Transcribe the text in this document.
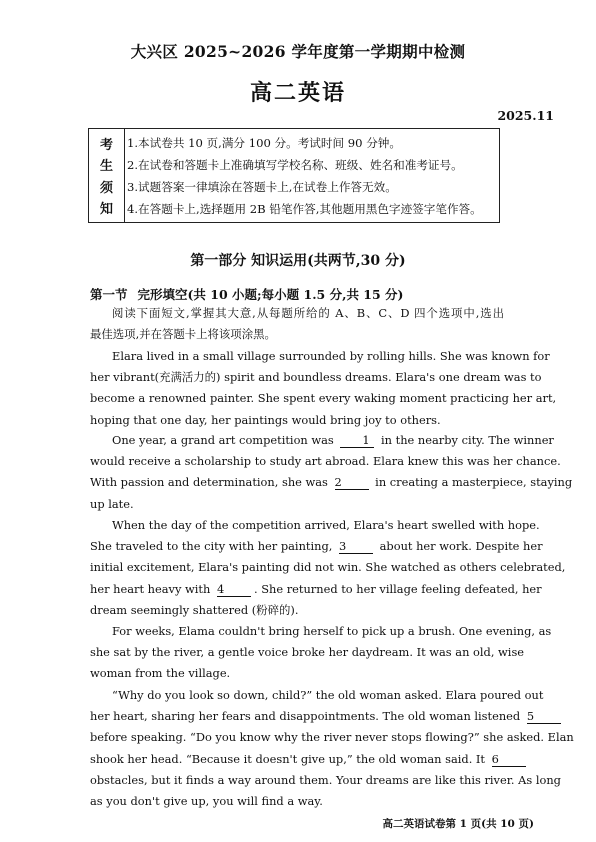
大兴区 2025~2026 学年度第一学期期中检测
高二英语
2025.11
考
生
须
知
1.本试卷共 10 页,满分 100 分。考试时间 90 分钟。
2.在试卷和答题卡上准确填写学校名称、班级、姓名和准考证号。
3.试题答案一律填涂在答题卡上,在试卷上作答无效。
4.在答题卡上,选择题用 2B 铅笔作答,其他题用黑色字迹签字笔作答。
第一部分 知识运用(共两节,30 分)
第一节 完形填空(共 10 小题;每小题 1.5 分,共 15 分)
阅读下面短文,掌握其大意,从每题所给的 A、B、C、D 四个选项中,选出
最佳选项,并在答题卡上将该项涂黑。
Elara lived in a small village surrounded by rolling hills. She was known for
her vibrant(充满活力的) spirit and boundless dreams. Elara's one dream was to
become a renowned painter. She spent every waking moment practicing her art,
hoping that one day, her paintings would bring joy to others.
One year, a grand art competition was	1 in the nearby city. The winner
would receive a scholarship to study art abroad. Elara knew this was her chance.
With passion and determination, she was 2	in creating a masterpiece, staying
up late.
When the day of the competition arrived, Elara's heart swelled with hope.
She traveled to the city with her painting, 3	about her work. Despite her
initial excitement, Elara's painting did not win. She watched as others celebrated,
her heart heavy with 4	. She returned to her village feeling defeated, her
dream seemingly shattered (粉碎的).
For weeks, Elama couldn't bring herself to pick up a brush. One evening, as
she sat by the river, a gentle voice broke her daydream. It was an old, wise
woman from the village.
“Why do you look so down, child?” the old woman asked. Elara poured out
her heart, sharing her fears and disappointments. The old woman listened 5
before speaking. “Do you know why the river never stops flowing?” she asked. Elan
shook her head. “Because it doesn't give up,” the old woman said. It 6
obstacles, but it finds a way around them. Your dreams are like this river. As long
as you don't give up, you will find a way.
高二英语试卷第 1 页(共 10 页)
